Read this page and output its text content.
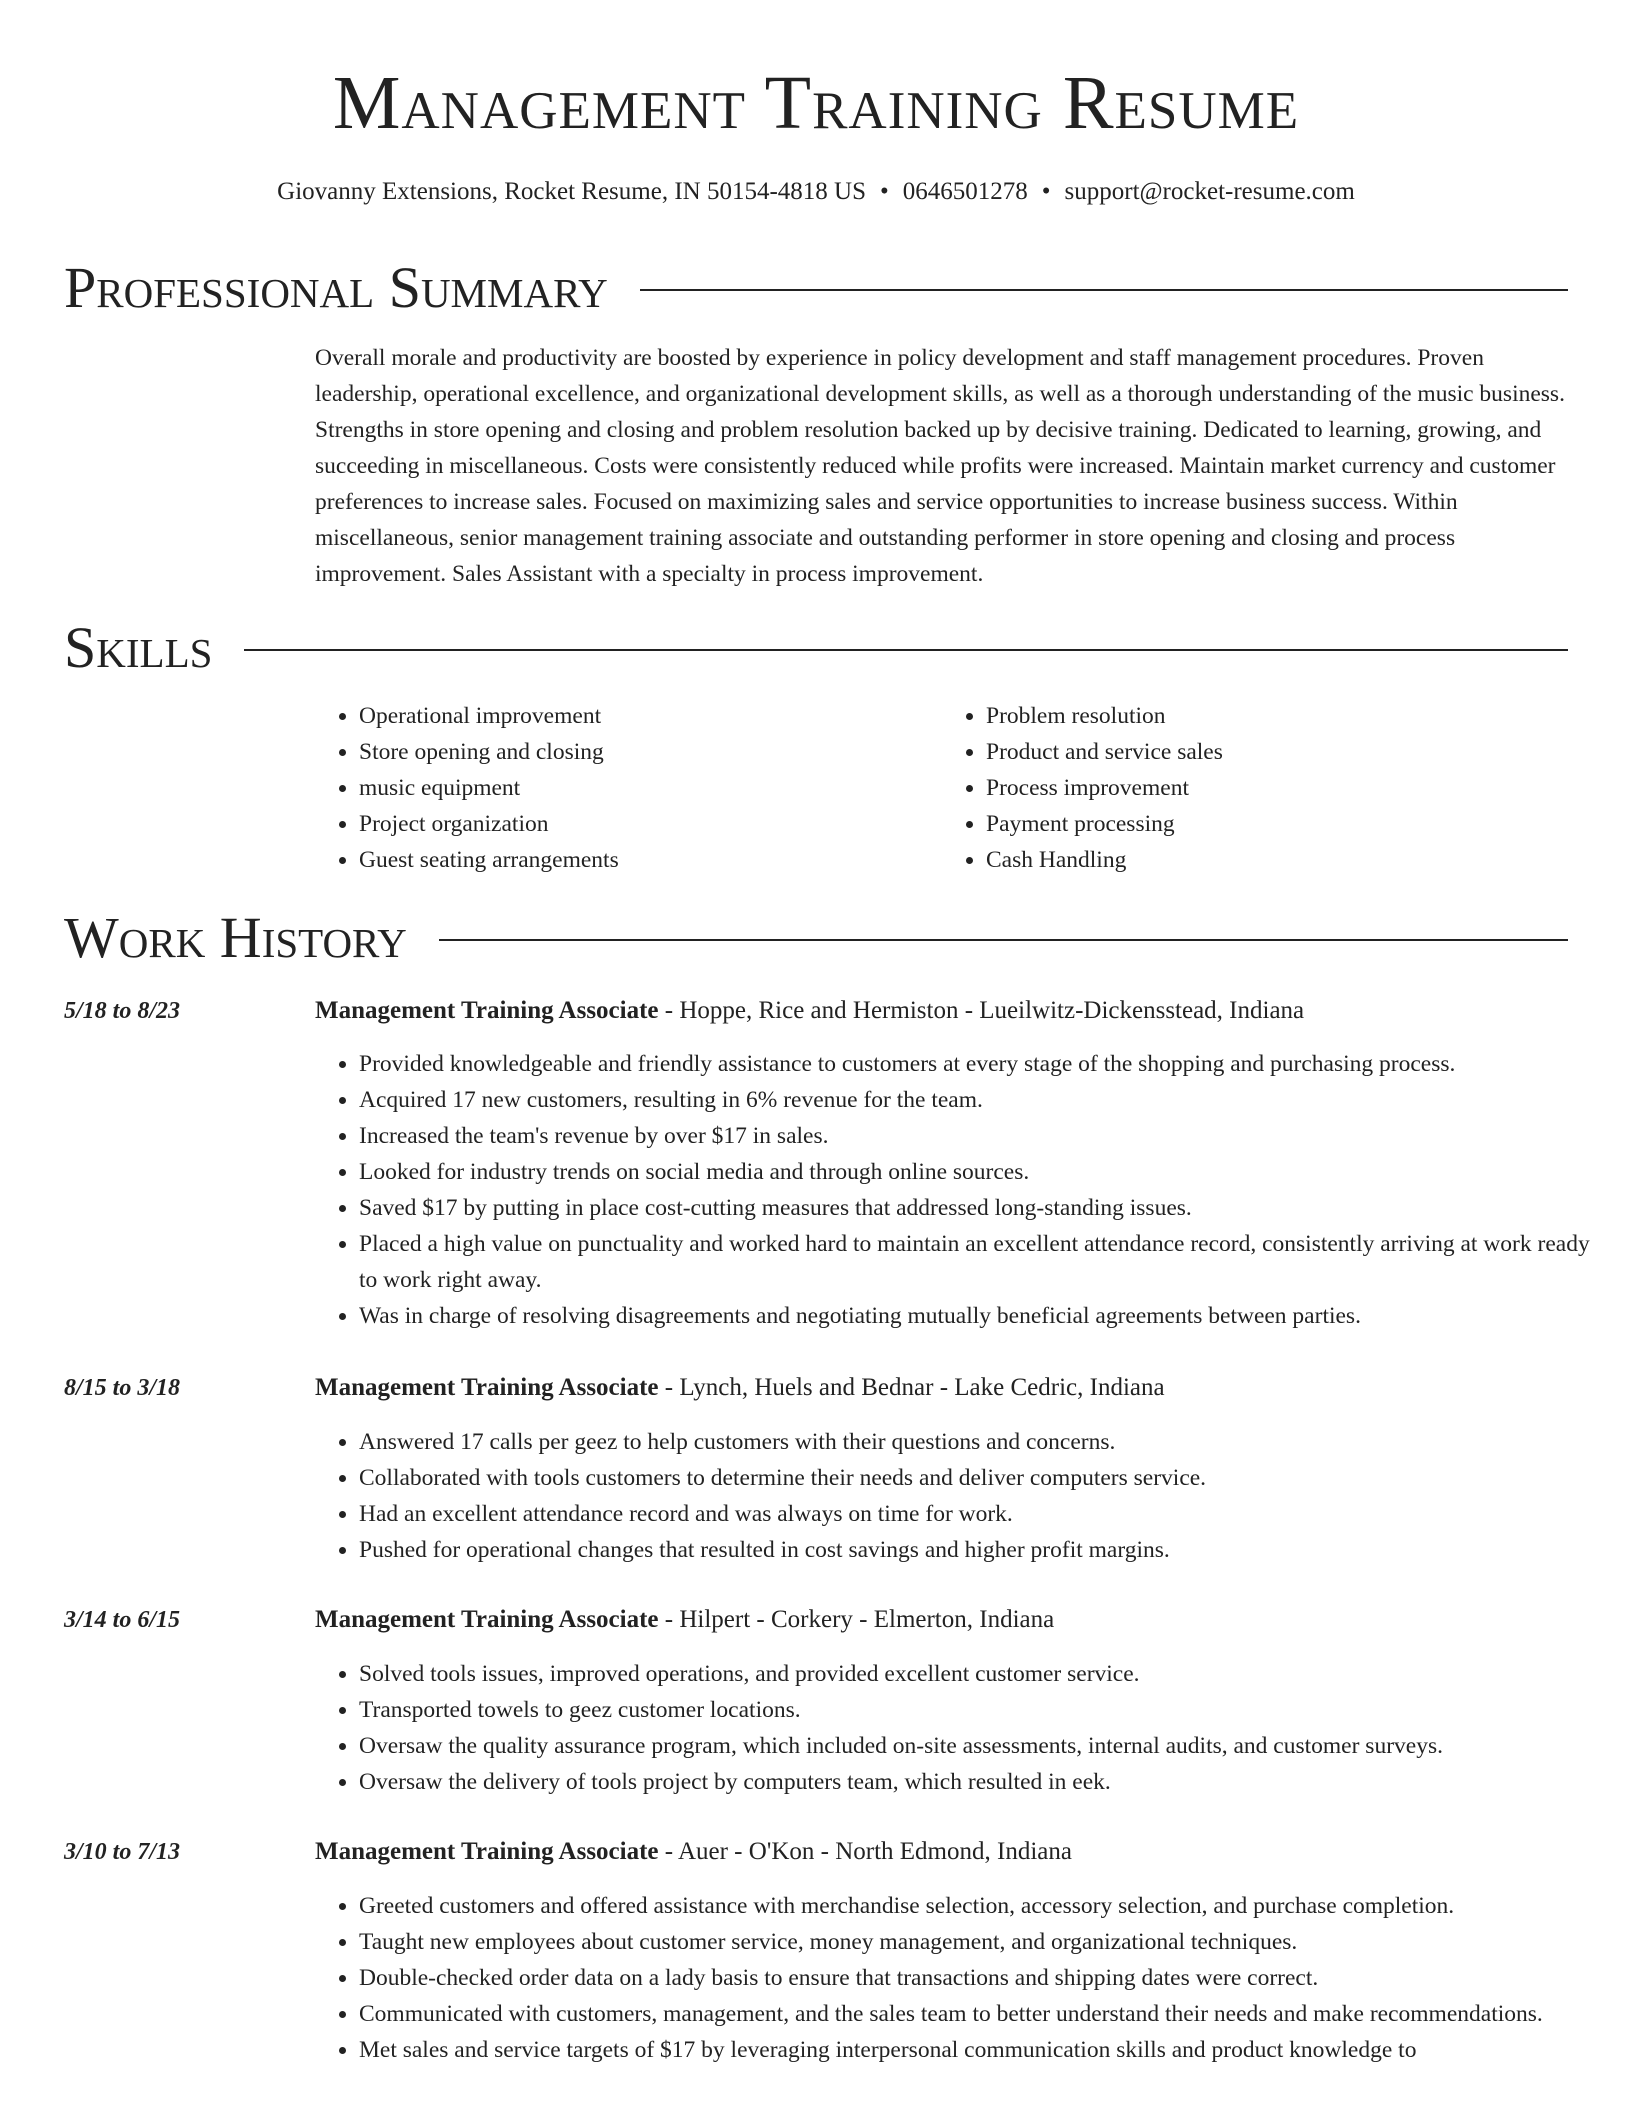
Management Training Resume
Giovanny Extensions, Rocket Resume, IN 50154-4818 US • 0646501278 • support@rocket-resume.com
Professional Summary
Overall morale and productivity are boosted by experience in policy development and staff management procedures. Proven leadership, operational excellence, and organizational development skills, as well as a thorough understanding of the music business. Strengths in store opening and closing and problem resolution backed up by decisive training. Dedicated to learning, growing, and succeeding in miscellaneous. Costs were consistently reduced while profits were increased. Maintain market currency and customer preferences to increase sales. Focused on maximizing sales and service opportunities to increase business success. Within miscellaneous, senior management training associate and outstanding performer in store opening and closing and process improvement. Sales Assistant with a specialty in process improvement.
Skills
• Operational improvement
• Store opening and closing
• music equipment
• Project organization
• Guest seating arrangements
• Problem resolution
• Product and service sales
• Process improvement
• Payment processing
• Cash Handling
Work History
5/18 to 8/23	Management Training Associate - Hoppe, Rice and Hermiston - Lueilwitz-Dickensstead, Indiana
• Provided knowledgeable and friendly assistance to customers at every stage of the shopping and purchasing process.
• Acquired 17 new customers, resulting in 6% revenue for the team.
• Increased the team's revenue by over $17 in sales.
• Looked for industry trends on social media and through online sources.
• Saved $17 by putting in place cost-cutting measures that addressed long-standing issues.
• Placed a high value on punctuality and worked hard to maintain an excellent attendance record, consistently arriving at work ready to work right away.
• Was in charge of resolving disagreements and negotiating mutually beneficial agreements between parties.
8/15 to 3/18	Management Training Associate - Lynch, Huels and Bednar - Lake Cedric, Indiana
• Answered 17 calls per geez to help customers with their questions and concerns.
• Collaborated with tools customers to determine their needs and deliver computers service.
• Had an excellent attendance record and was always on time for work.
• Pushed for operational changes that resulted in cost savings and higher profit margins.
3/14 to 6/15	Management Training Associate - Hilpert - Corkery - Elmerton, Indiana
• Solved tools issues, improved operations, and provided excellent customer service.
• Transported towels to geez customer locations.
• Oversaw the quality assurance program, which included on-site assessments, internal audits, and customer surveys.
• Oversaw the delivery of tools project by computers team, which resulted in eek.
3/10 to 7/13	Management Training Associate - Auer - O'Kon - North Edmond, Indiana
• Greeted customers and offered assistance with merchandise selection, accessory selection, and purchase completion.
• Taught new employees about customer service, money management, and organizational techniques.
• Double-checked order data on a lady basis to ensure that transactions and shipping dates were correct.
• Communicated with customers, management, and the sales team to better understand their needs and make recommendations.
• Met sales and service targets of $17 by leveraging interpersonal communication skills and product knowledge to
